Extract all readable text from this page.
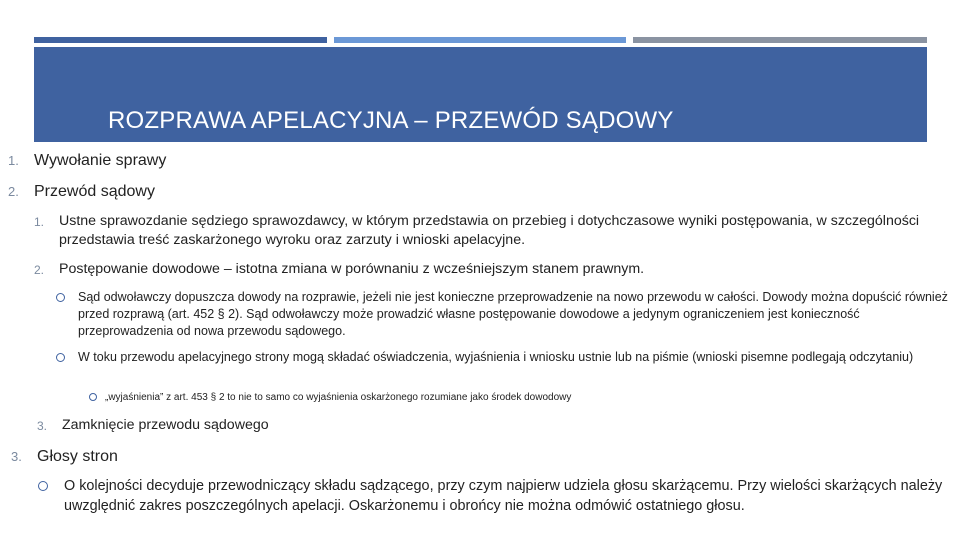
ROZPRAWA APELACYJNA – PRZEWÓD SĄDOWY
1. Wywołanie sprawy
2. Przewód sądowy
1. Ustne sprawozdanie sędziego sprawozdawcy, w którym przedstawia on przebieg i dotychczasowe wyniki postępowania, w szczególności przedstawia treść zaskarżonego wyroku oraz zarzuty i wnioski apelacyjne.
2. Postępowanie dowodowe – istotna zmiana w porównaniu z wcześniejszym stanem prawnym.
Sąd odwoławczy dopuszcza dowody na rozprawie, jeżeli nie jest konieczne przeprowadzenie na nowo przewodu w całości. Dowody można dopuścić również przed rozprawą (art. 452 § 2). Sąd odwoławczy może prowadzić własne postępowanie dowodowe a jedynym ograniczeniem jest konieczność przeprowadzenia od nowa przewodu sądowego.
W toku przewodu apelacyjnego strony mogą składać oświadczenia, wyjaśnienia i wniosku ustnie lub na piśmie (wnioski pisemne podlegają odczytaniu)
„wyjaśnienia” z art. 453 § 2 to nie to samo co wyjaśnienia oskarżonego rozumiane jako środek dowodowy
3. Zamknięcie przewodu sądowego
3. Głosy stron
O kolejności decyduje przewodniczący składu sądzącego, przy czym najpierw udziela głosu skarżącemu. Przy wielości skarżących należy uwzględnić zakres poszczególnych apelacji. Oskarżonemu i obrońcy nie można odmówić ostatniego głosu.
